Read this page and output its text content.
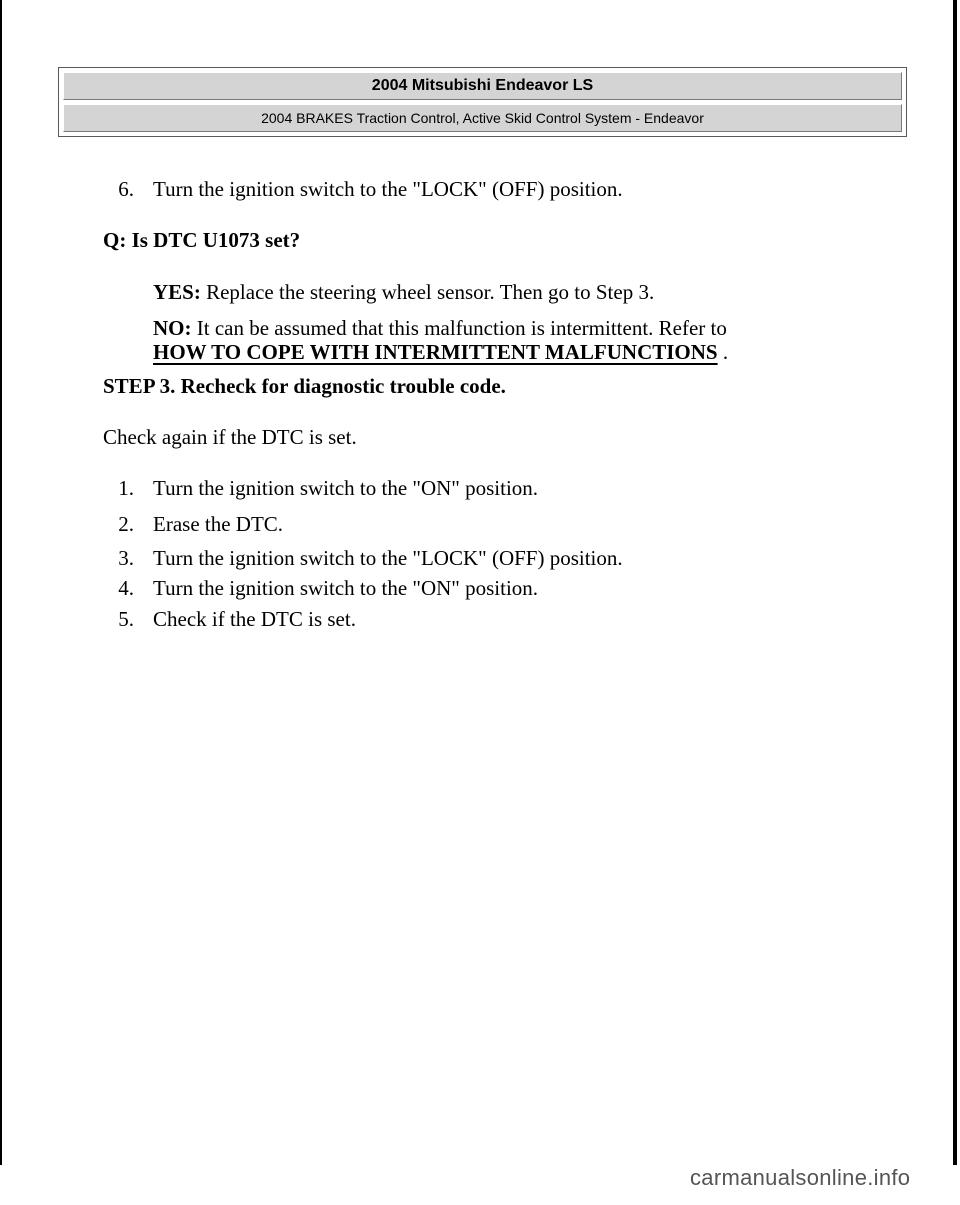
2004 Mitsubishi Endeavor LS
2004 BRAKES Traction Control, Active Skid Control System - Endeavor
6. Turn the ignition switch to the "LOCK" (OFF) position.
Q: Is DTC U1073 set?
YES: Replace the steering wheel sensor. Then go to Step 3.
NO: It can be assumed that this malfunction is intermittent. Refer to
HOW TO COPE WITH INTERMITTENT MALFUNCTIONS .
STEP 3. Recheck for diagnostic trouble code.
Check again if the DTC is set.
1. Turn the ignition switch to the "ON" position.
2. Erase the DTC.
3. Turn the ignition switch to the "LOCK" (OFF) position.
4. Turn the ignition switch to the "ON" position.
5. Check if the DTC is set.
carmanualsonline.info
